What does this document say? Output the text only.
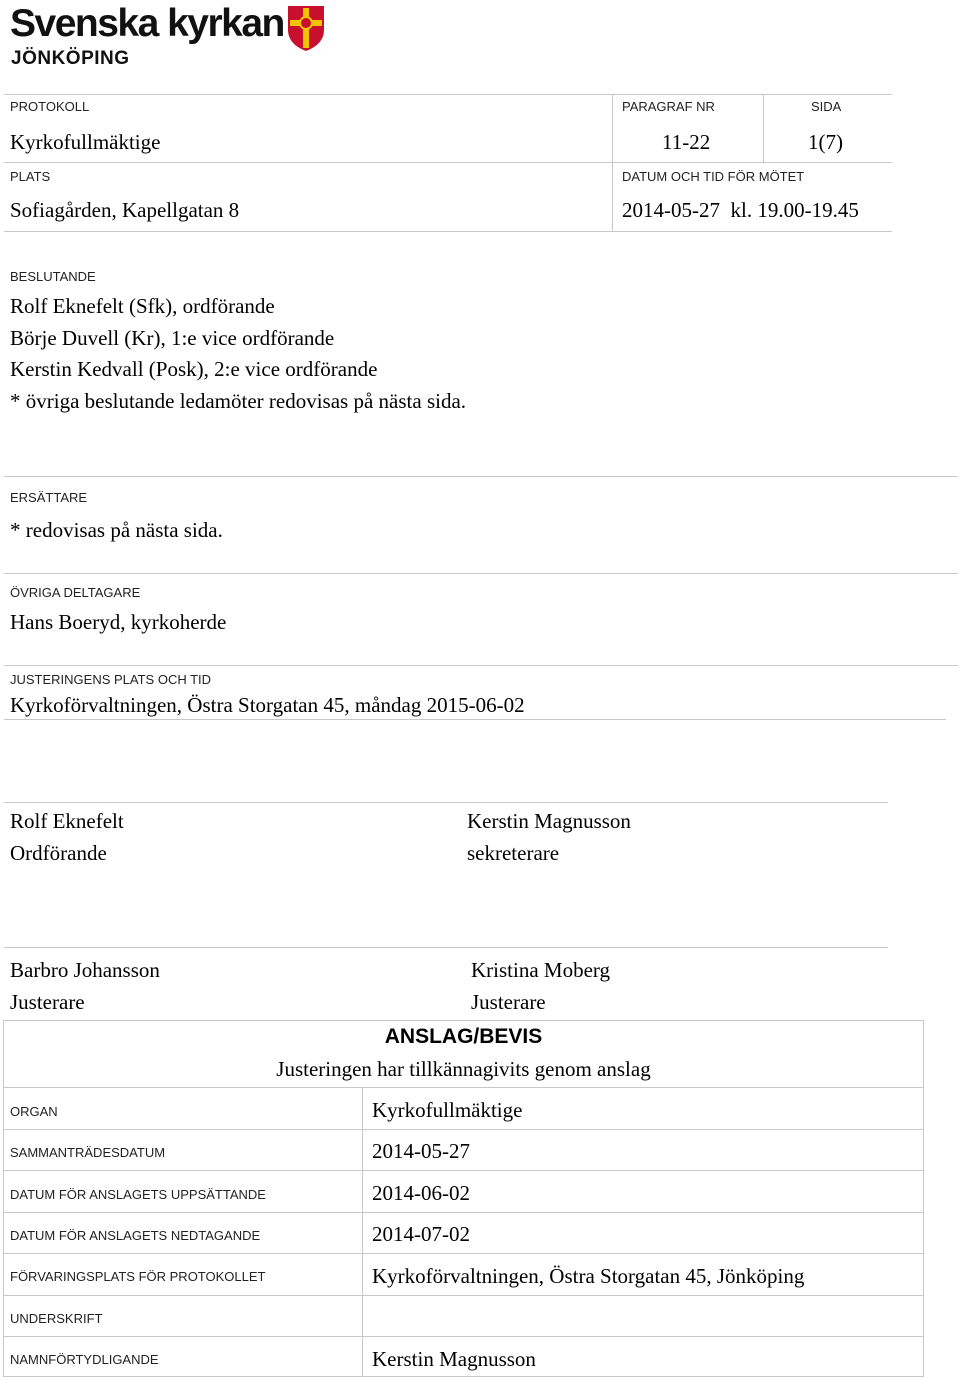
Svenska kyrkan
JÖNKÖPING
PROTOKOLL
Kyrkofullmäktige
PARAGRAF NR
11-22
SIDA
1(7)
PLATS
Sofiagården, Kapellgatan 8
DATUM OCH TID FÖR MÖTET
2014-05-27  kl. 19.00-19.45
BESLUTANDE
Rolf Eknefelt (Sfk), ordförande
Börje Duvell (Kr), 1:e vice ordförande
Kerstin Kedvall (Posk), 2:e vice ordförande
* övriga beslutande ledamöter redovisas på nästa sida.
ERSÄTTARE
* redovisas på nästa sida.
ÖVRIGA DELTAGARE
Hans Boeryd, kyrkoherde
JUSTERINGENS PLATS OCH TID
Kyrkoförvaltningen, Östra Storgatan 45, måndag 2015-06-02
Rolf Eknefelt
Ordförande
Kerstin Magnusson
sekreterare
Barbro Johansson
Justerare
Kristina Moberg
Justerare
ANSLAG/BEVIS
Justeringen har tillkännagivits genom anslag
ORGAN	Kyrkofullmäktige
SAMMANTRÄDESDATUM	2014-05-27
DATUM FÖR ANSLAGETS UPPSÄTTANDE	2014-06-02
DATUM FÖR ANSLAGETS NEDTAGANDE	2014-07-02
FÖRVARINGSPLATS FÖR PROTOKOLLET	Kyrkoförvaltningen, Östra Storgatan 45, Jönköping
UNDERSKRIFT
NAMNFÖRTYDLIGANDE	Kerstin Magnusson
